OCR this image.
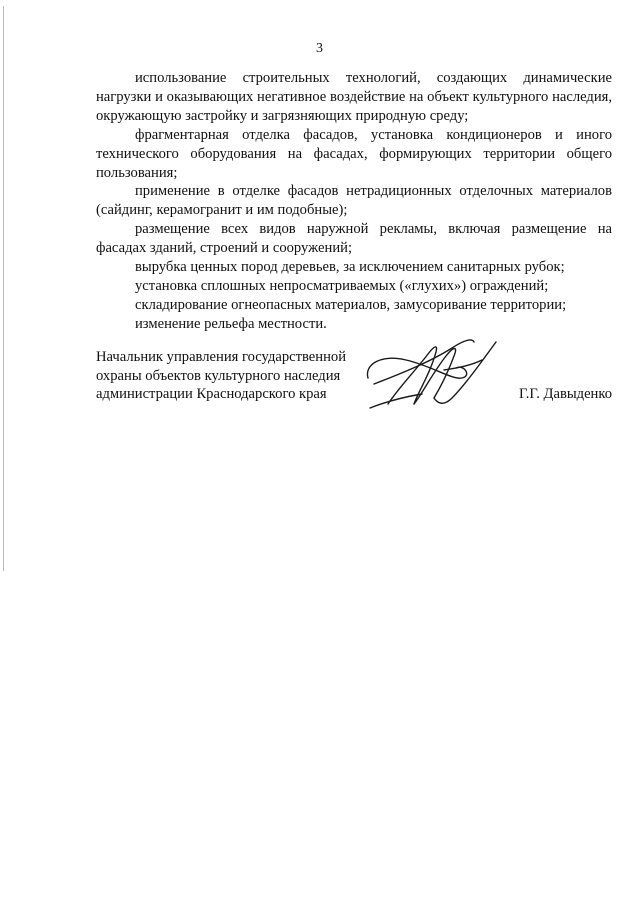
3

использование строительных технологий, создающих динамические нагрузки и оказывающих негативное воздействие на объект культурного наследия, окружающую застройку и загрязняющих природную среду;

фрагментарная отделка фасадов, установка кондиционеров и иного технического оборудования на фасадах, формирующих территории общего пользования;

применение в отделке фасадов нетрадиционных отделочных материалов (сайдинг, керамогранит и им подобные);

размещение всех видов наружной рекламы, включая размещение на фасадах зданий, строений и сооружений;

вырубка ценных пород деревьев, за исключением санитарных рубок;

установка сплошных непросматриваемых («глухих») ограждений;

складирование огнеопасных материалов, замусоривание территории;

изменение рельефа местности.

Начальник управления государственной
охраны объектов культурного наследия
администрации Краснодарского края	Г.Г. Давыденко
